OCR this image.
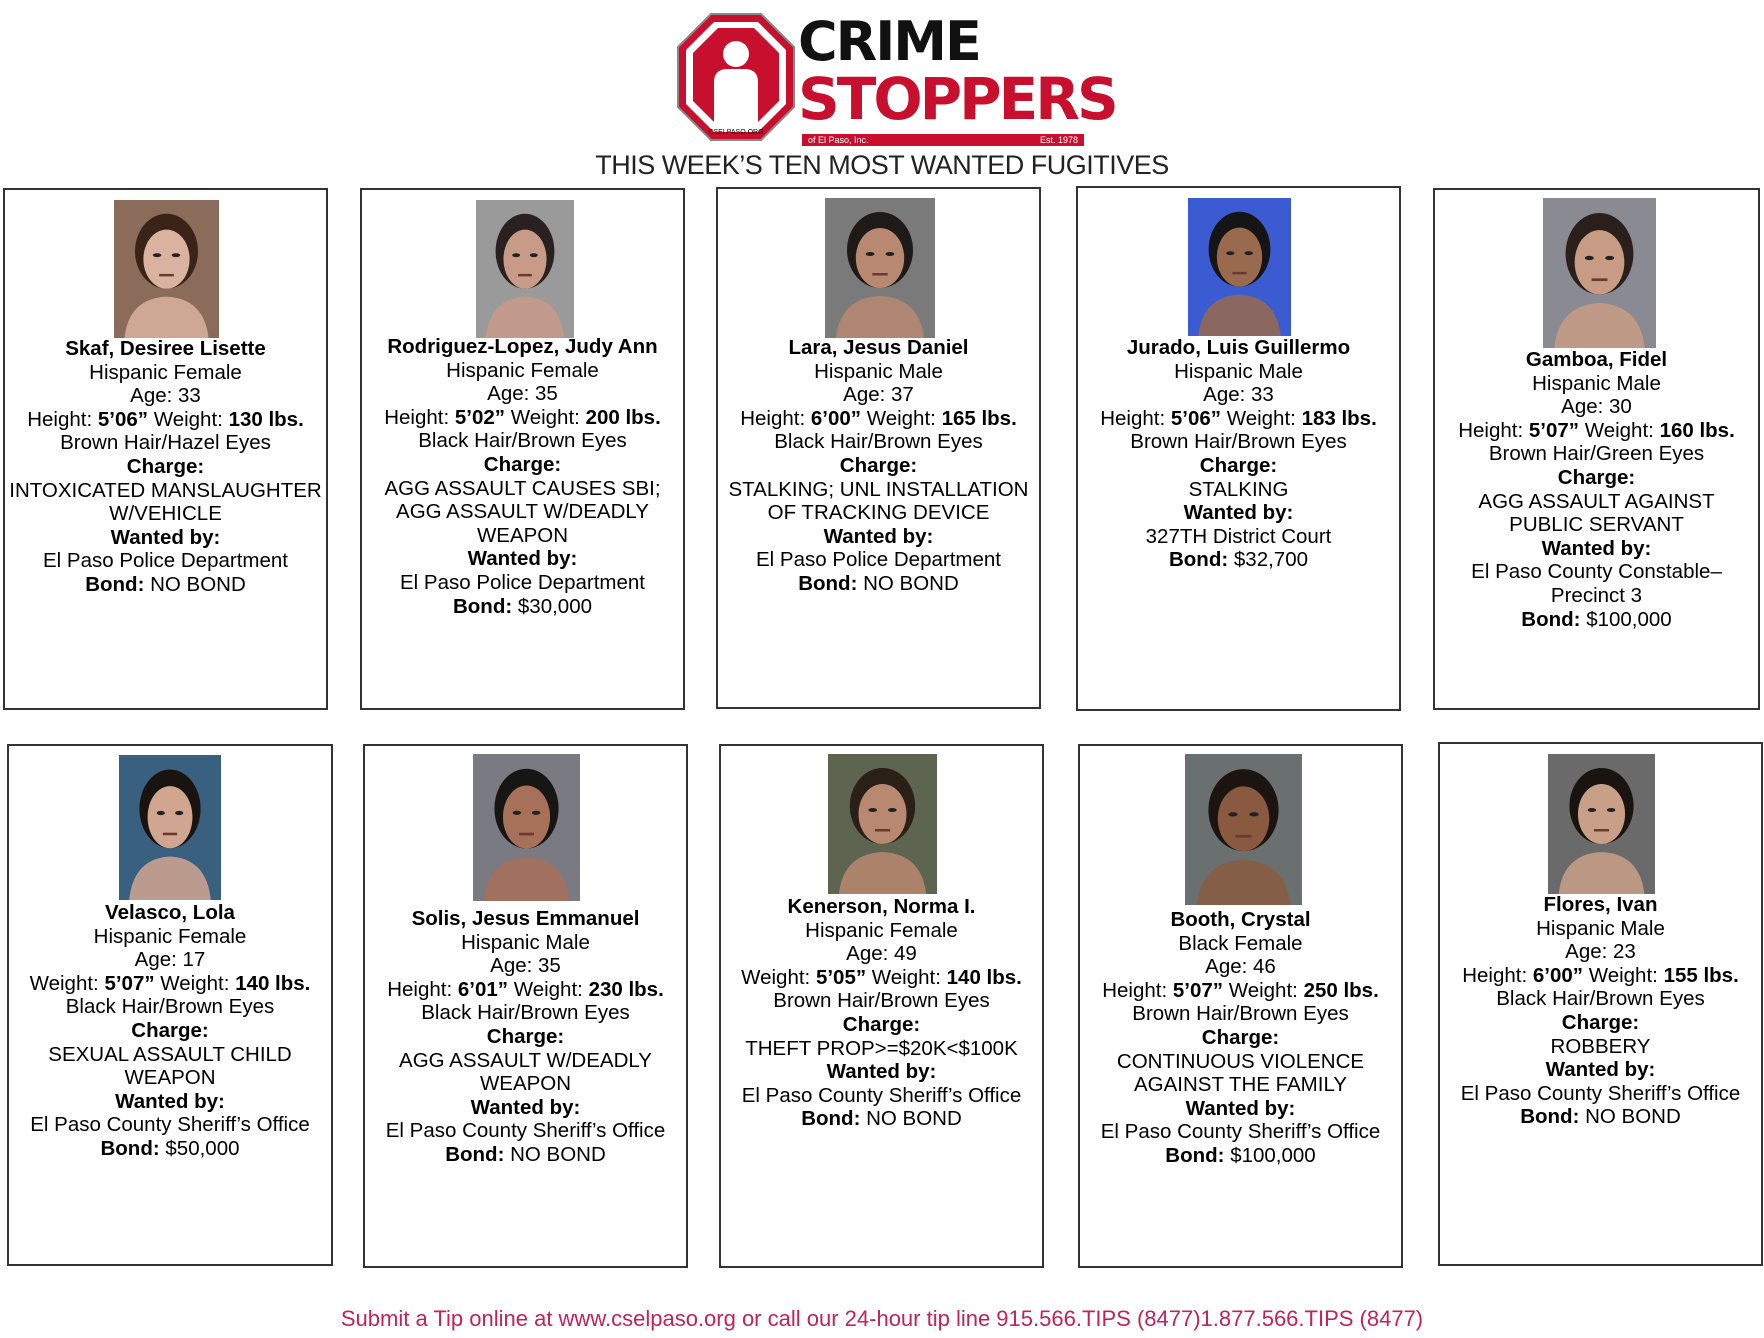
CSELPASO.ORG
CRIME
STOPPERS
of El Paso, Inc.	Est. 1978
THIS WEEK’S TEN MOST WANTED FUGITIVES
Skaf, Desiree Lisette
Hispanic Female
Age: 33
Height: 5’06” Weight: 130 lbs.
Brown Hair/Hazel Eyes
Charge:
INTOXICATED MANSLAUGHTER
W/VEHICLE
Wanted by:
El Paso Police Department
Bond: NO BOND
Rodriguez-Lopez, Judy Ann
Hispanic Female
Age: 35
Height: 5’02” Weight: 200 lbs.
Black Hair/Brown Eyes
Charge:
AGG ASSAULT CAUSES SBI;
AGG ASSAULT W/DEADLY
WEAPON
Wanted by:
El Paso Police Department
Bond: $30,000
Lara, Jesus Daniel
Hispanic Male
Age: 37
Height: 6’00” Weight: 165 lbs.
Black Hair/Brown Eyes
Charge:
STALKING; UNL INSTALLATION
OF TRACKING DEVICE
Wanted by:
El Paso Police Department
Bond: NO BOND
Jurado, Luis Guillermo
Hispanic Male
Age: 33
Height: 5’06” Weight: 183 lbs.
Brown Hair/Brown Eyes
Charge:
STALKING
Wanted by:
327TH District Court
Bond: $32,700
Gamboa, Fidel
Hispanic Male
Age: 30
Height: 5’07” Weight: 160 lbs.
Brown Hair/Green Eyes
Charge:
AGG ASSAULT AGAINST
PUBLIC SERVANT
Wanted by:
El Paso County Constable–
Precinct 3
Bond: $100,000
Velasco, Lola
Hispanic Female
Age: 17
Weight: 5’07” Weight: 140 lbs.
Black Hair/Brown Eyes
Charge:
SEXUAL ASSAULT CHILD
WEAPON
Wanted by:
El Paso County Sheriff’s Office
Bond: $50,000
Solis, Jesus Emmanuel
Hispanic Male
Age: 35
Height: 6’01” Weight: 230 lbs.
Black Hair/Brown Eyes
Charge:
AGG ASSAULT W/DEADLY
WEAPON
Wanted by:
El Paso County Sheriff’s Office
Bond: NO BOND
Kenerson, Norma I.
Hispanic Female
Age: 49
Weight: 5’05” Weight: 140 lbs.
Brown Hair/Brown Eyes
Charge:
THEFT PROP>=$20K<$100K
Wanted by:
El Paso County Sheriff’s Office
Bond: NO BOND
Booth, Crystal
Black Female
Age: 46
Height: 5’07” Weight: 250 lbs.
Brown Hair/Brown Eyes
Charge:
CONTINUOUS VIOLENCE
AGAINST THE FAMILY
Wanted by:
El Paso County Sheriff’s Office
Bond: $100,000
Flores, Ivan
Hispanic Male
Age: 23
Height: 6’00” Weight: 155 lbs.
Black Hair/Brown Eyes
Charge:
ROBBERY
Wanted by:
El Paso County Sheriff’s Office
Bond: NO BOND
Submit a Tip online at www.cselpaso.org or call our 24-hour tip line 915.566.TIPS (8477)1.877.566.TIPS (8477)
